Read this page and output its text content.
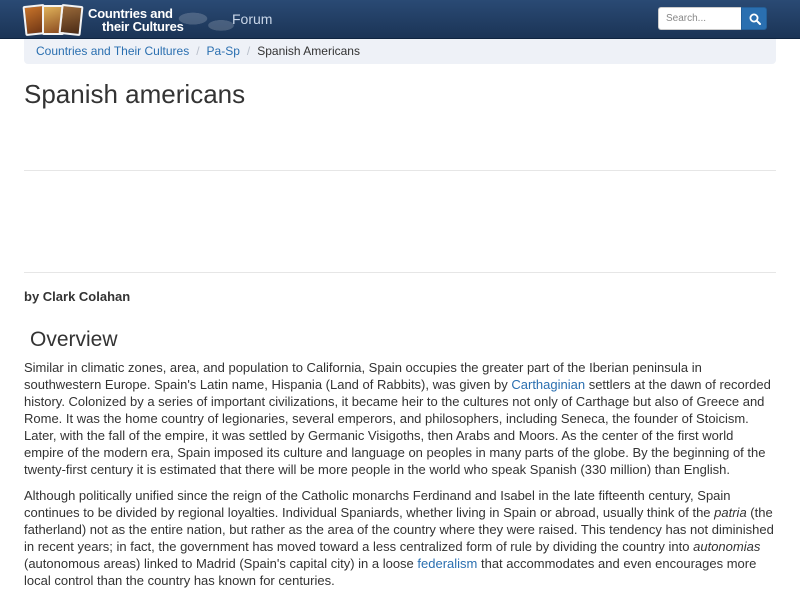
Countries and
their Cultures	Forum
Search...
Countries and Their Cultures / Pa-Sp / Spanish Americans
Spanish americans
by Clark Colahan
Overview

Similar in climatic zones, area, and population to California, Spain occupies the greater part of the Iberian peninsula in southwestern Europe. Spain's Latin name, Hispania (Land of Rabbits), was given by Carthaginian settlers at the dawn of recorded history. Colonized by a series of important civilizations, it became heir to the cultures not only of Carthage but also of Greece and Rome. It was the home country of legionaries, several emperors, and philosophers, including Seneca, the founder of Stoicism. Later, with the fall of the empire, it was settled by Germanic Visigoths, then Arabs and Moors. As the center of the first world empire of the modern era, Spain imposed its culture and language on peoples in many parts of the globe. By the beginning of the twenty-first century it is estimated that there will be more people in the world who speak Spanish (330 million) than English.

Although politically unified since the reign of the Catholic monarchs Ferdinand and Isabel in the late fifteenth century, Spain continues to be divided by regional loyalties. Individual Spaniards, whether living in Spain or abroad, usually think of the patria (the fatherland) not as the entire nation, but rather as the area of the country where they were raised. This tendency has not diminished in recent years; in fact, the government has moved toward a less centralized form of rule by dividing the country into autonomias (autonomous areas) linked to Madrid (Spain's capital city) in a loose federalism that accommodates and even encourages more local control than the country has known for centuries.
